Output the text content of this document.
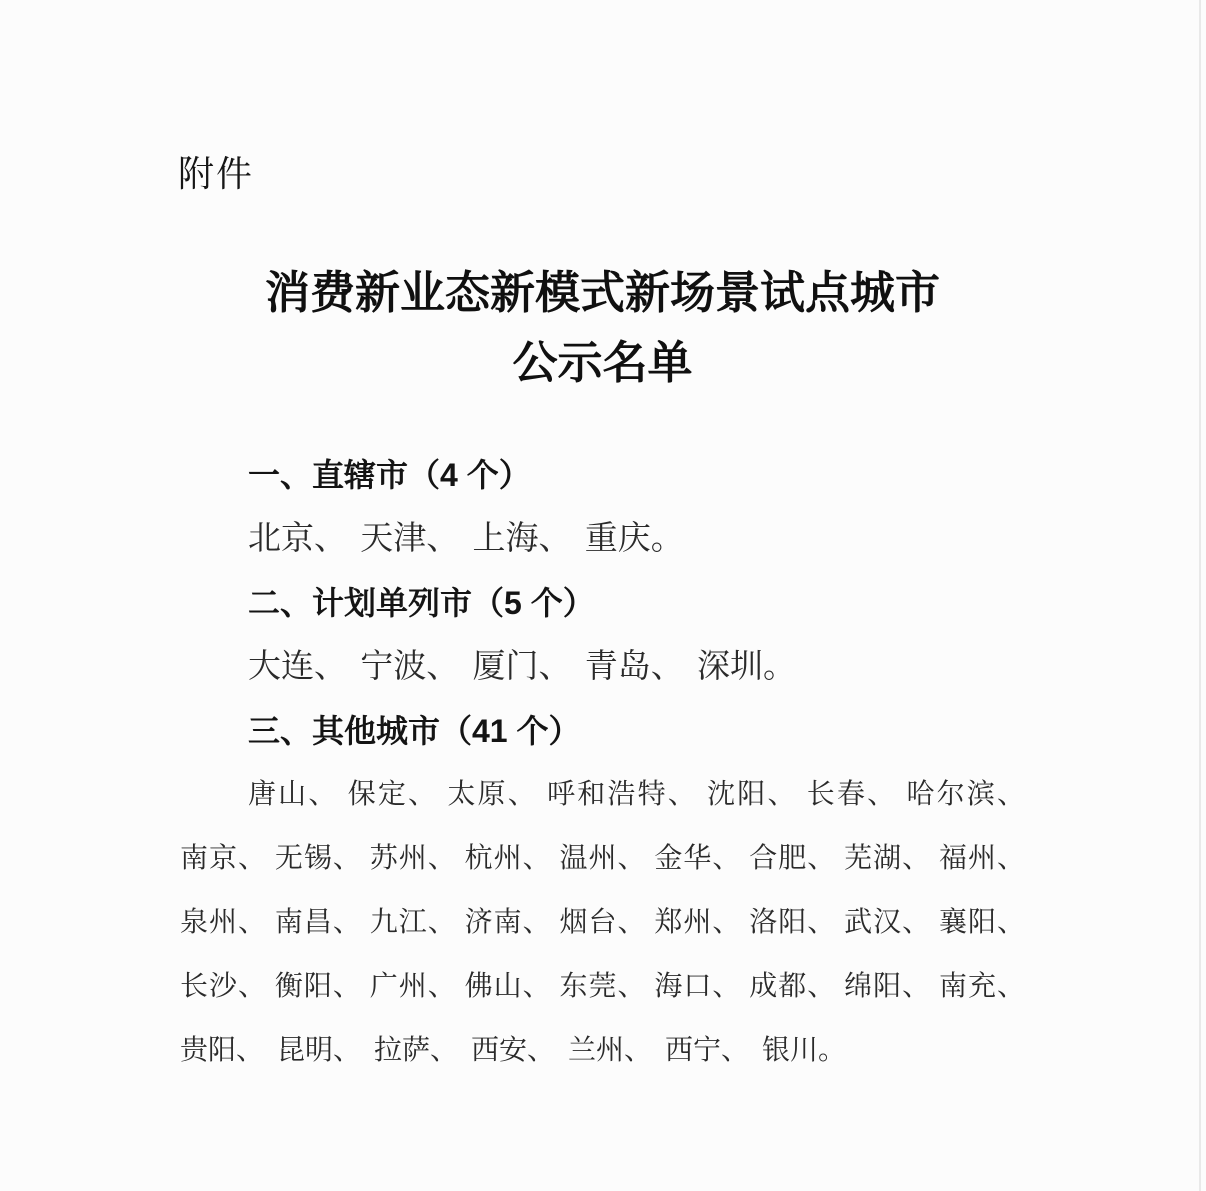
附件
消费新业态新模式新场景试点城市
公示名单
一、直辖市（4 个）
北京、 天津、 上海、 重庆。
二、计划单列市（5 个）
大连、 宁波、 厦门、 青岛、 深圳。
三、其他城市（41 个）
唐山、 保定、 太原、 呼和浩特、 沈阳、 长春、 哈尔滨、
南京、 无锡、 苏州、 杭州、 温州、 金华、 合肥、 芜湖、 福州、
泉州、 南昌、 九江、 济南、 烟台、 郑州、 洛阳、 武汉、 襄阳、
长沙、 衡阳、 广州、 佛山、 东莞、 海口、 成都、 绵阳、 南充、
贵阳、 昆明、 拉萨、 西安、 兰州、 西宁、 银川。
